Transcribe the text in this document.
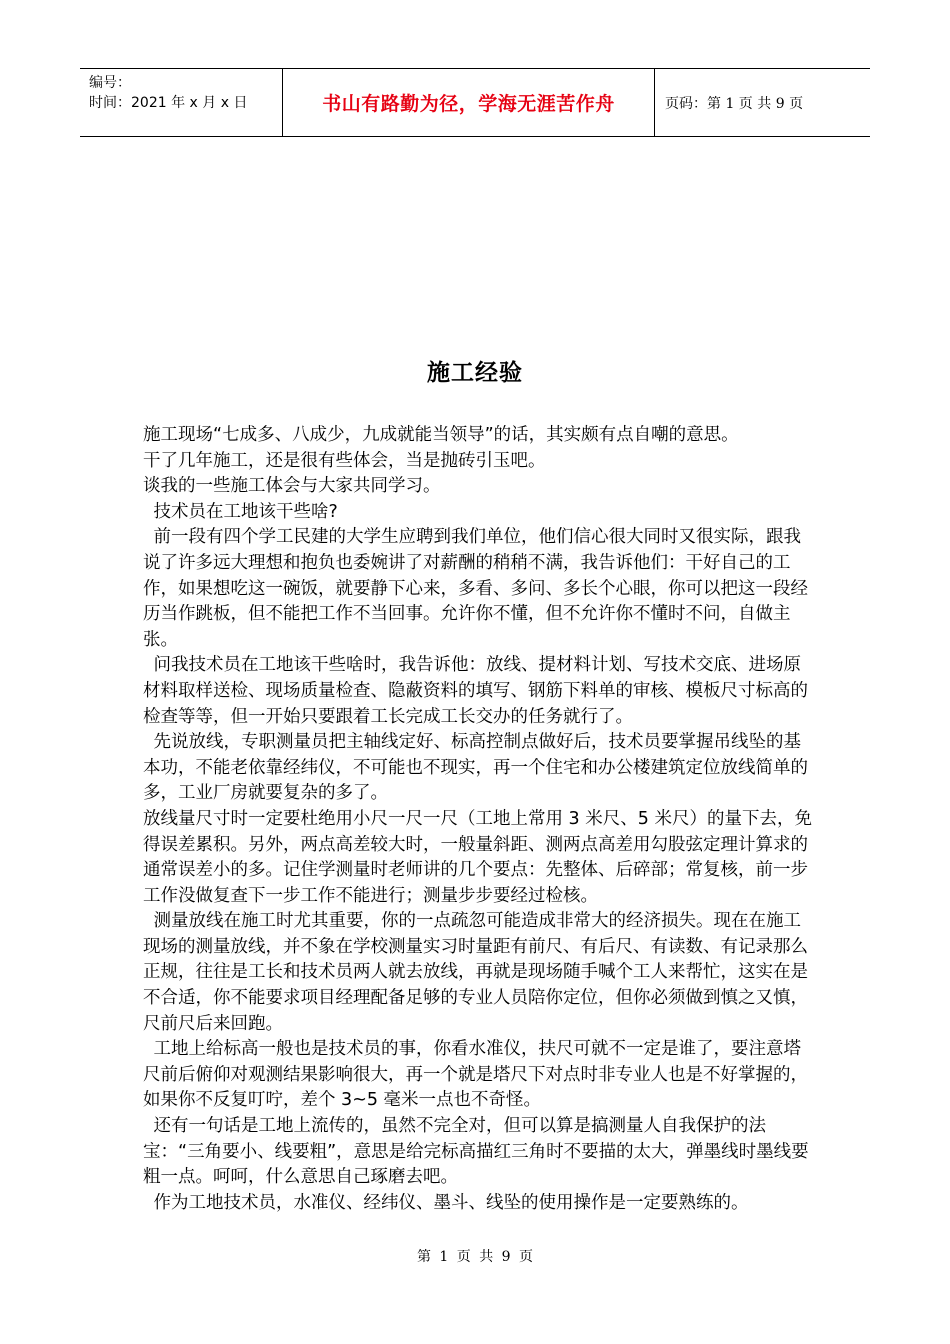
编号：
时间：2021 年 x 月 x 日	书山有路勤为径，学海无涯苦作舟	页码：第 1 页 共 9 页
施工经验

施工现场“七成多、八成少，九成就能当领导”的话，其实颇有点自嘲的意思。

干了几年施工，还是很有些体会，当是抛砖引玉吧。

谈我的一些施工体会与大家共同学习。

技术员在工地该干些啥?

前一段有四个学工民建的大学生应聘到我们单位，他们信心很大同时又很实际，跟我说了许多远大理想和抱负也委婉讲了对薪酬的稍稍不满，我告诉他们：干好自己的工作，如果想吃这一碗饭，就要静下心来，多看、多问、多长个心眼，你可以把这一段经历当作跳板，但不能把工作不当回事。允许你不懂，但不允许你不懂时不问，自做主张。

问我技术员在工地该干些啥时，我告诉他：放线、提材料计划、写技术交底、进场原材料取样送检、现场质量检查、隐蔽资料的填写、钢筋下料单的审核、模板尺寸标高的检查等等，但一开始只要跟着工长完成工长交办的任务就行了。

先说放线，专职测量员把主轴线定好、标高控制点做好后，技术员要掌握吊线坠的基本功，不能老依靠经纬仪，不可能也不现实，再一个住宅和办公楼建筑定位放线简单的多，工业厂房就要复杂的多了。

放线量尺寸时一定要杜绝用小尺一尺一尺（工地上常用 3 米尺、5 米尺）的量下去，免得误差累积。另外，两点高差较大时，一般量斜距、测两点高差用勾股弦定理计算求的通常误差小的多。记住学测量时老师讲的几个要点：先整体、后碎部；常复核，前一步工作没做复查下一步工作不能进行；测量步步要经过检核。

测量放线在施工时尤其重要，你的一点疏忽可能造成非常大的经济损失。现在在施工现场的测量放线，并不象在学校测量实习时量距有前尺、有后尺、有读数、有记录那么正规，往往是工长和技术员两人就去放线，再就是现场随手喊个工人来帮忙，这实在是不合适，你不能要求项目经理配备足够的专业人员陪你定位，但你必须做到慎之又慎，尺前尺后来回跑。

工地上给标高一般也是技术员的事，你看水准仪，扶尺可就不一定是谁了，要注意塔尺前后俯仰对观测结果影响很大，再一个就是塔尺下对点时非专业人也是不好掌握的，如果你不反复叮咛，差个 3~5 毫米一点也不奇怪。

还有一句话是工地上流传的，虽然不完全对，但可以算是搞测量人自我保护的法宝：“三角要小、线要粗”，意思是给完标高描红三角时不要描的太大，弹墨线时墨线要粗一点。呵呵，什么意思自己琢磨去吧。

作为工地技术员，水准仪、经纬仪、墨斗、线坠的使用操作是一定要熟练的。

第 1 页 共 9 页
